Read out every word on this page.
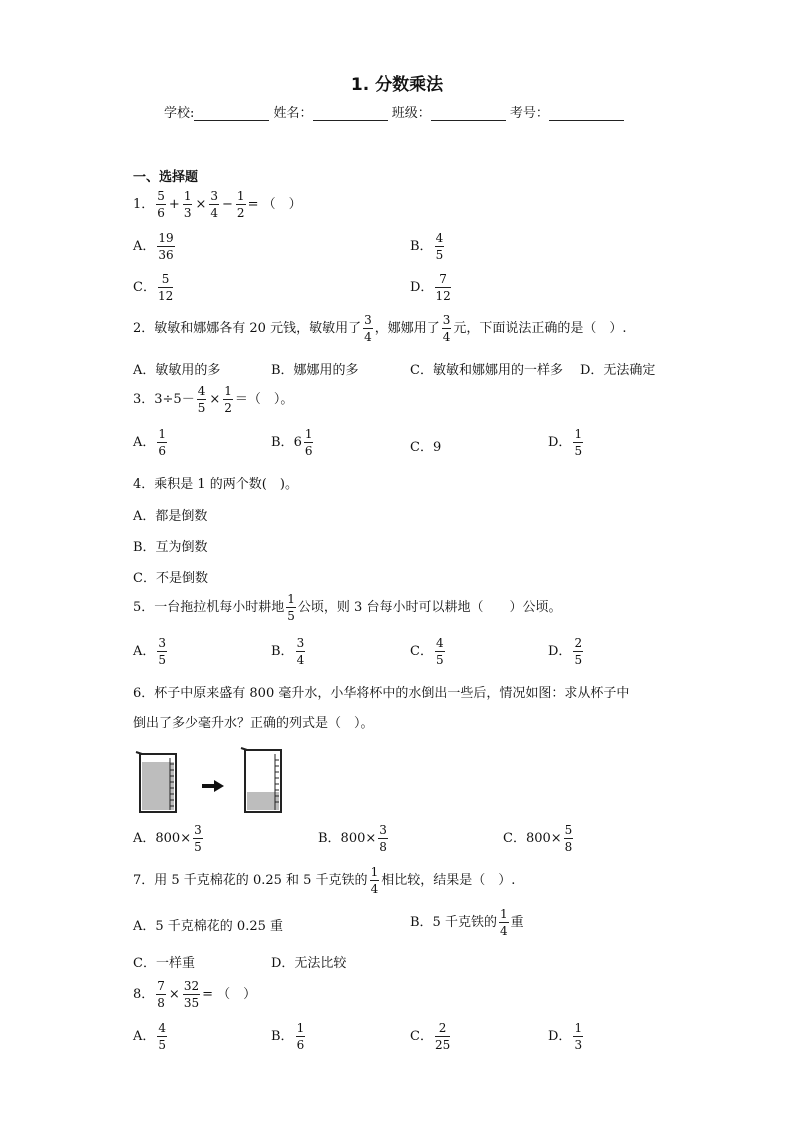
1. 分数乘法
学校:	姓名：	班级：	考号：
一、选择题
1． $\frac{5}{6} + \frac{1}{3} \times \frac{3}{4} - \frac{1}{2}$ = （　）
A． $\frac{19}{36}$	B． $\frac{4}{5}$
C． $\frac{5}{12}$	D． $\frac{7}{12}$
2．敏敏和娜娜各有 20 元钱，敏敏用了 $\frac{3}{4}$ ，娜娜用了 $\frac{3}{4}$ 元，下面说法正确的是（　）.
A．敏敏用的多	B．娜娜用的多	C．敏敏和娜娜用的一样多 D．无法确定
3．$3\div 5- \frac{4}{5} \times \frac{1}{2}$ ＝（　）。
A． $\frac{1}{6}$	B．$6 \frac{1}{6}$	C．9	D． $\frac{1}{5}$
4．乘积是 1 的两个数(　)。
A．都是倒数
B．互为倒数
C．不是倒数
5．一台拖拉机每小时耕地 $\frac{1}{5}$ 公顷，则 3 台每小时可以耕地（　　）公顷。
A． $\frac{3}{5}$	B． $\frac{3}{4}$	C． $\frac{4}{5}$	D． $\frac{2}{5}$
6．杯子中原来盛有 800 毫升水，小华将杯中的水倒出一些后，情况如图：求从杯子中
倒出了多少毫升水？正确的列式是（　）。
A．$800\times \frac{3}{5}$	B．$800\times \frac{3}{8}$	C．$800\times \frac{5}{8}$
7．用 5 千克棉花的 0.25 和 5 千克铁的 $\frac{1}{4}$ 相比较，结果是（　）.
A．5 千克棉花的 0.25 重	B．5 千克铁的 $\frac{1}{4}$ 重
C．一样重	D．无法比较
8． $\frac{7}{8} \times \frac{32}{35}$ = （　）
A． $\frac{4}{5}$	B． $\frac{1}{6}$	C． $\frac{2}{25}$	D． $\frac{1}{3}$
